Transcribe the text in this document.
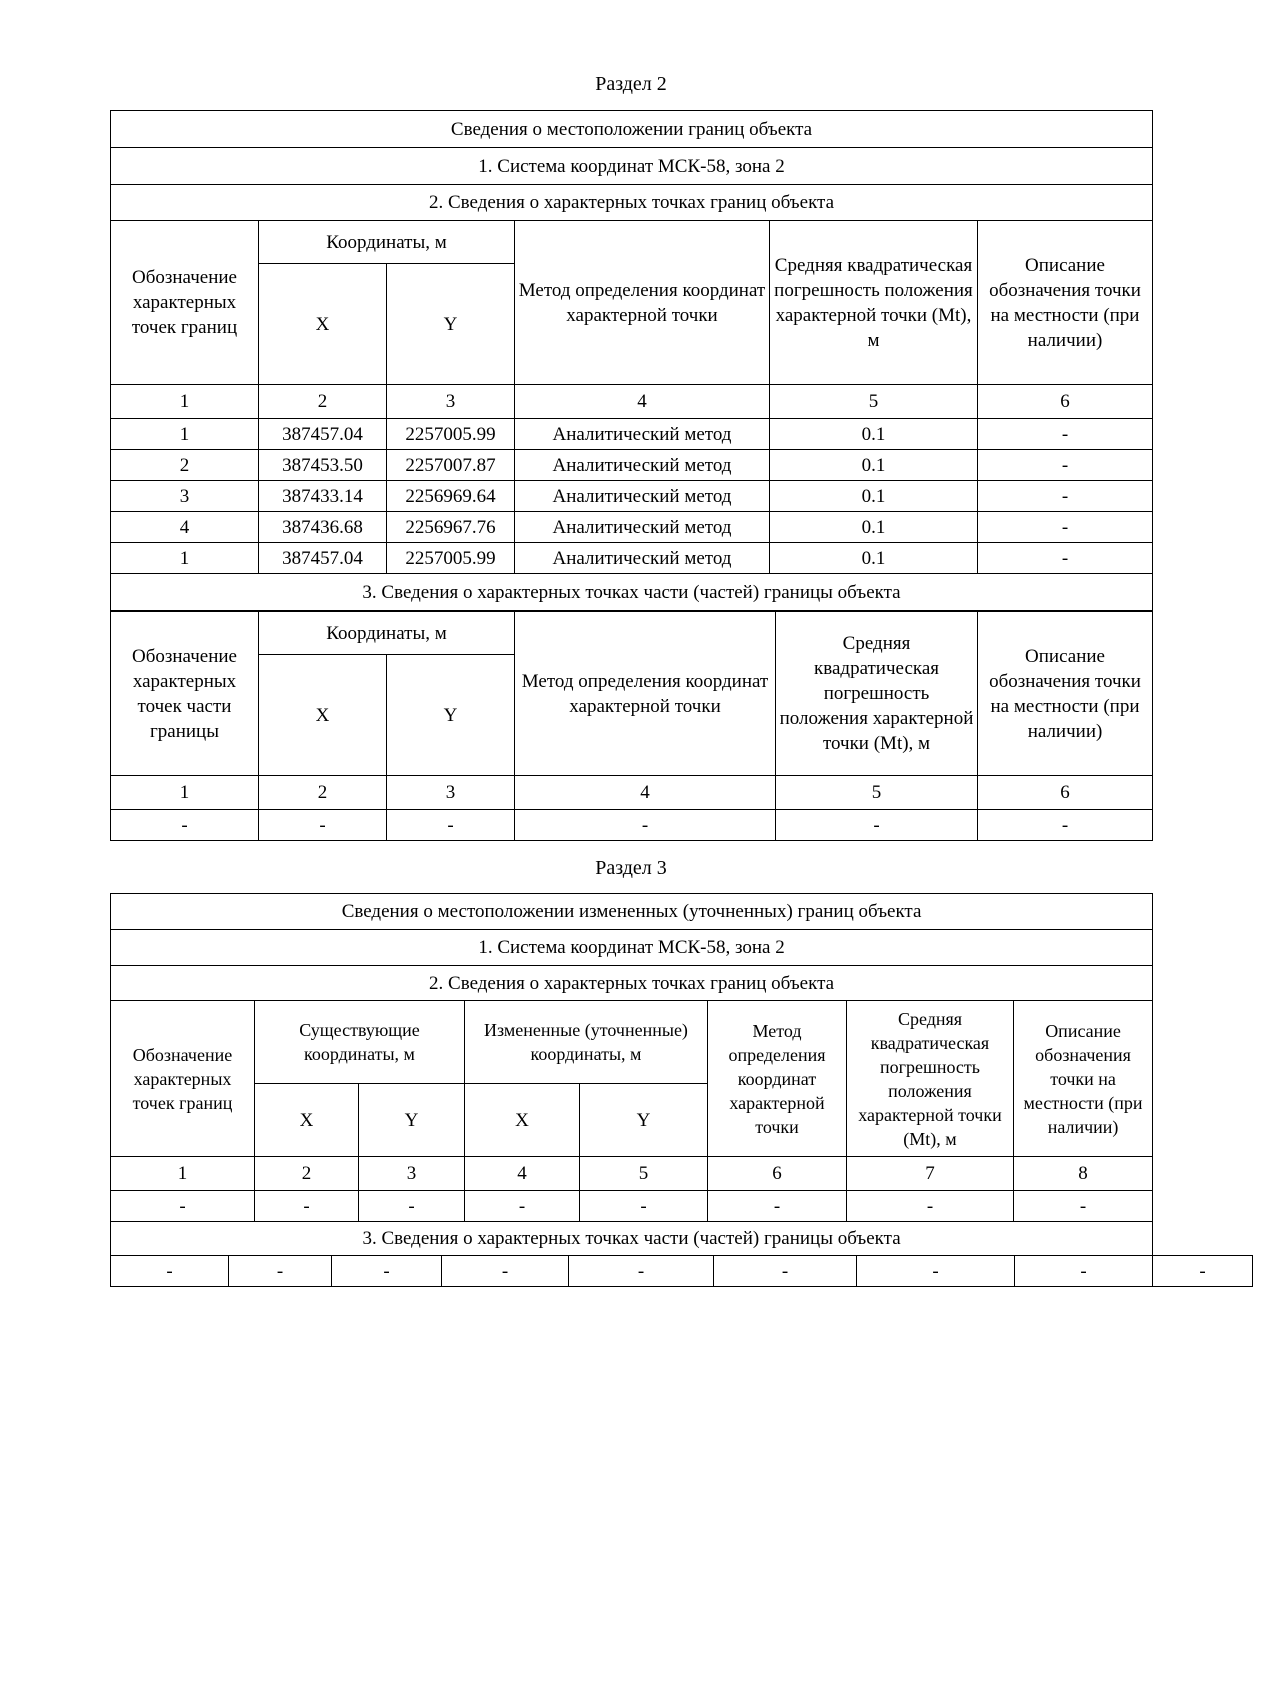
Раздел 2
Сведения о местоположении границ объекта					
1. Система координат МСК-58, зона 2					
2. Сведения о характерных точках границ объекта					
Обозначение характерных точек границ	Координаты, м		Метод определения координат характерной точки	Средняя квадратическая погрешность положения характерной точки (Mt), м	Описание обозначения точки на местности (при наличии)
	X	Y			
1	2	3	4	5	6
1	387457.04	2257005.99	Аналитический метод	0.1	-
2	387453.50	2257007.87	Аналитический метод	0.1	-
3	387433.14	2256969.64	Аналитический метод	0.1	-
4	387436.68	2256967.76	Аналитический метод	0.1	-
1	387457.04	2257005.99	Аналитический метод	0.1	-
3. Сведения о характерных точках части (частей) границы объекта					
Обозначение характерных точек части границы	Координаты, м		Метод определения координат характерной точки	Средняя квадратическая погрешность положения характерной точки (Mt), м	Описание обозначения точки на местности (при наличии)
	X	Y			
1	2	3	4	5	6
-	-	-	-	-	-
Раздел 3
Сведения о местоположении измененных (уточненных) границ объекта							
1. Система координат МСК-58, зона 2							
2. Сведения о характерных точках границ объекта							
Обозначение характерных точек границ	Существующие координаты, м		Измененные (уточненные) координаты, м		Метод определения координат характерной точки	Средняя квадратическая погрешность положения характерной точки (Mt), м	Описание обозначения точки на местности (при наличии)
	X	Y	X	Y			
1	2	3	4	5	6	7	8
-	-	-	-	-	-	-	-
3. Сведения о характерных точках части (частей) границы объекта							
-	-	-	-	-	-	-	-	-
